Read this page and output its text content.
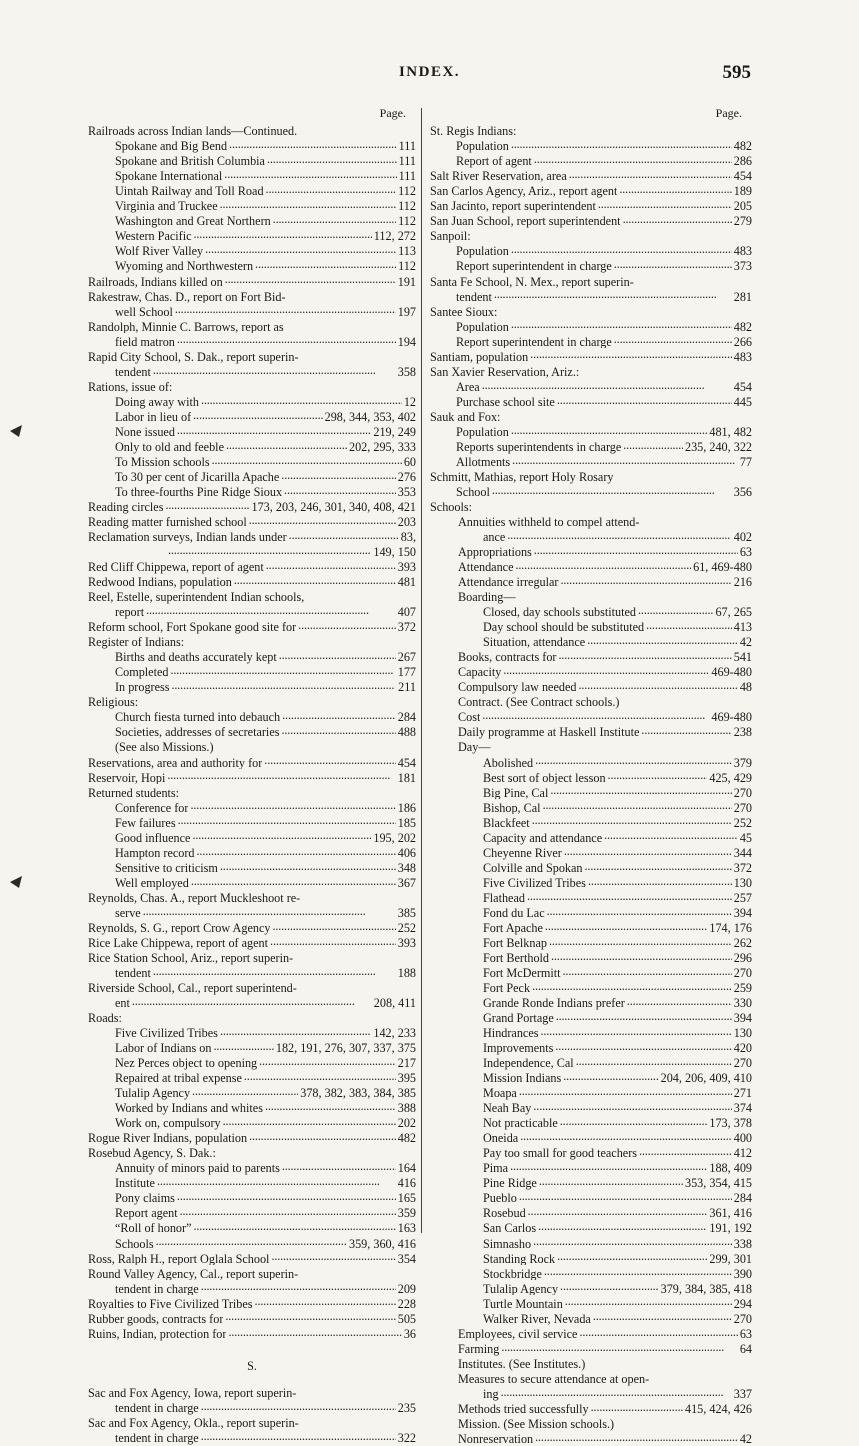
INDEX.	595
Page.
Railroads across Indian lands—Continued.
Spokane and Big Bend . . .	111
Spokane and British Columbia . . .	111
Spokane International . . .	111
Uintah Railway and Toll Road . . .	112
Virginia and Truckee . . .	112
Washington and Great Northern . . .	112
Western Pacific . . .	112, 272
Wolf River Valley . . .	113
Wyoming and Northwestern . . .	112
Railroads, Indians killed on . . .	191
Rakestraw, Chas. D., report on Fort Bid-
well School . . .	197
Randolph, Minnie C. Barrows, report as
field matron . . .	194
Rapid City School, S. Dak., report superin-
tendent . . .	358
Rations, issue of:
Doing away with . . .	12
Labor in lieu of . . .	298, 344, 353, 402
None issued . . .	219, 249
Only to old and feeble . . .	202, 295, 333
To Mission schools . . .	60
To 30 per cent of Jicarilla Apache . . .	276
To three-fourths Pine Ridge Sioux . . .	353
Reading circles . . .	173, 203, 246, 301, 340, 408, 421
Reading matter furnished school . . .	203
Reclamation surveys, Indian lands under . . .	83,
. . .
149, 150
Red Cliff Chippewa, report of agent . . .	393
Redwood Indians, population . . .	481
Reel, Estelle, superintendent Indian schools,
report . . .	407
Reform school, Fort Spokane good site for . . .	372
Register of Indians:
Births and deaths accurately kept . . .	267
Completed . . .	177
In progress . . .	211
Religious:
Church fiesta turned into debauch . . .	284
Societies, addresses of secretaries . . .	488
(See also Missions.)
Reservations, area and authority for . . .	454
Reservoir, Hopi . . .	181
Returned students:
Conference for . . .	186
Few failures . . .	185
Good influence . . .	195, 202
Hampton record . . .	406
Sensitive to criticism . . .	348
Well employed . . .	367
Reynolds, Chas. A., report Muckleshoot re-
serve . . .	385
Reynolds, S. G., report Crow Agency . . .	252
Rice Lake Chippewa, report of agent . . .	393
Rice Station School, Ariz., report superin-
tendent . . .	188
Riverside School, Cal., report superintend-
ent . . .	208, 411
Roads:
Five Civilized Tribes . . .	142, 233
Labor of Indians on . . .	182, 191, 276, 307, 337, 375
Nez Perces object to opening . . .	217
Repaired at tribal expense . . .	395
Tulalip Agency . . .	378, 382, 383, 384, 385
Worked by Indians and whites . . .	388
Work on, compulsory . . .	202
Rogue River Indians, population . . .	482
Rosebud Agency, S. Dak.:
Annuity of minors paid to parents . . .	164
Institute . . .	416
Pony claims . . .	165
Report agent . . .	359
“Roll of honor” . . .	163
Schools . . .	359, 360, 416
Ross, Ralph H., report Oglala School . . .	354
Round Valley Agency, Cal., report superin-
tendent in charge . . .	209
Royalties to Five Civilized Tribes . . .	228
Rubber goods, contracts for . . .	505
Ruins, Indian, protection for . . .	36
S.
Sac and Fox Agency, Iowa, report superin-
tendent in charge . . .	235
Sac and Fox Agency, Okla., report superin-
tendent in charge . . .	322
Page.
St. Regis Indians:
Population . . .	482
Report of agent . . .	286
Salt River Reservation, area . . .	454
San Carlos Agency, Ariz., report agent . . .	189
San Jacinto, report superintendent . . .	205
San Juan School, report superintendent . . .	279
Sanpoil:
Population . . .	483
Report superintendent in charge . . .	373
Santa Fe School, N. Mex., report superin-
tendent . . .	281
Santee Sioux:
Population . . .	482
Report superintendent in charge . . .	266
Santiam, population . . .	483
San Xavier Reservation, Ariz.:
Area . . .	454
Purchase school site . . .	445
Sauk and Fox:
Population . . .	481, 482
Reports superintendents in charge . . .	235, 240, 322
Allotments . . .	77
Schmitt, Mathias, report Holy Rosary
School . . .	356
Schools:
Annuities withheld to compel attend-
ance . . .	402
Appropriations . . .	63
Attendance . . .	61, 469-480
Attendance irregular . . .	216
Boarding—
Closed, day schools substituted . . .	67, 265
Day school should be substituted . . .	413
Situation, attendance . . .	42
Books, contracts for . . .	541
Capacity . . .	469-480
Compulsory law needed . . .	48
Contract. (See Contract schools.)
Cost . . .	469-480
Daily programme at Haskell Institute . . .	238
Day—
Abolished . . .	379
Best sort of object lesson . . .	425, 429
Big Pine, Cal . . .	270
Bishop, Cal . . .	270
Blackfeet . . .	252
Capacity and attendance . . .	45
Cheyenne River . . .	344
Colville and Spokan . . .	372
Five Civilized Tribes . . .	130
Flathead . . .	257
Fond du Lac . . .	394
Fort Apache . . .	174, 176
Fort Belknap . . .	262
Fort Berthold . . .	296
Fort McDermitt . . .	270
Fort Peck . . .	259
Grande Ronde Indians prefer . . .	330
Grand Portage . . .	394
Hindrances . . .	130
Improvements . . .	420
Independence, Cal . . .	270
Mission Indians . . .	204, 206, 409, 410
Moapa . . .	271
Neah Bay . . .	374
Not practicable . . .	173, 378
Oneida . . .	400
Pay too small for good teachers . . .	412
Pima . . .	188, 409
Pine Ridge . . .	353, 354, 415
Pueblo . . .	284
Rosebud . . .	361, 416
San Carlos . . .	191, 192
Simnasho . . .	338
Standing Rock . . .	299, 301
Stockbridge . . .	390
Tulalip Agency . . .	379, 384, 385, 418
Turtle Mountain . . .	294
Walker River, Nevada . . .	270
Employees, civil service . . .	63
Farming . . .	64
Institutes. (See Institutes.)
Measures to secure attendance at open-
ing . . .	337
Methods tried successfully . . .	415, 424, 426
Mission. (See Mission schools.)
Nonreservation . . .	42
